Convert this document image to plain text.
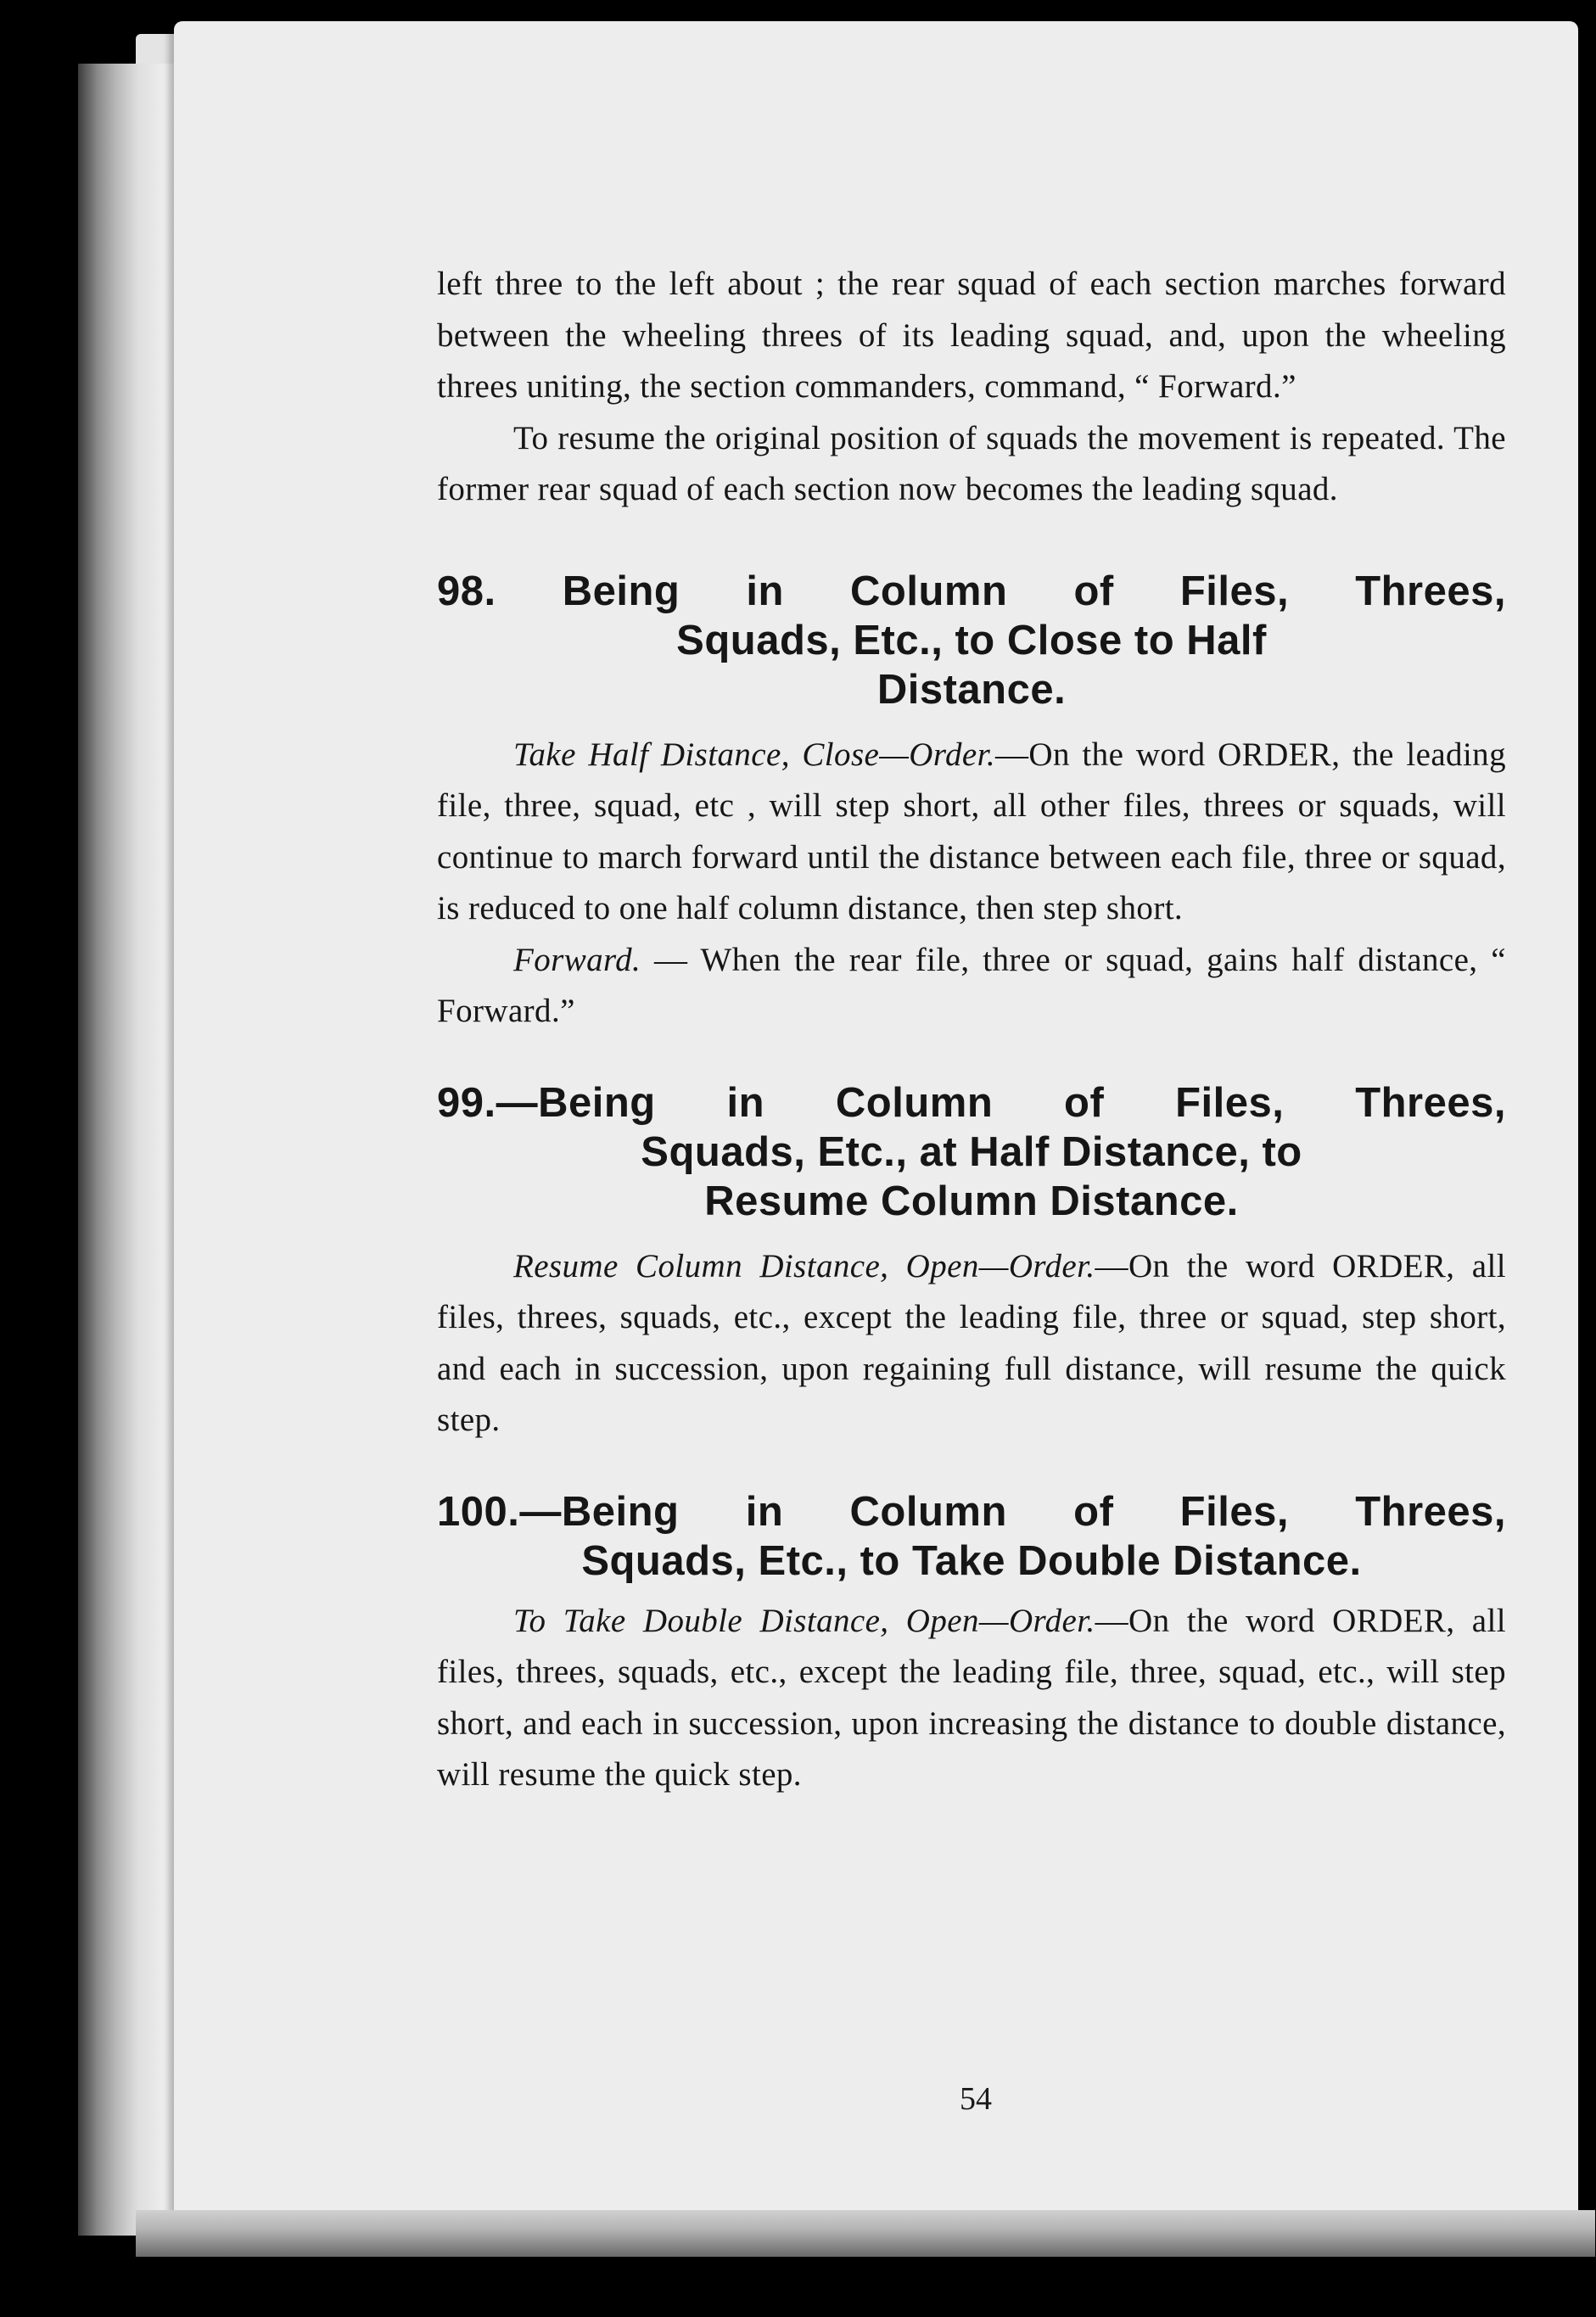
left three to the left about ; the rear squad of each section marches forward between the wheeling threes of its leading squad, and, upon the wheeling threes uniting, the section commanders, command, “ Forward.”

To resume the original position of squads the movement is repeated. The former rear squad of each section now becomes the leading squad.

98. Being in Column of Files, Threes,
Squads, Etc., to Close to Half
Distance.

Take Half Distance, Close—Order.—On the word ORDER, the leading file, three, squad, etc , will step short, all other files, threes or squads, will continue to march forward until the distance between each file, three or squad, is reduced to one half column distance, then step short.

Forward. — When the rear file, three or squad, gains half distance, “ Forward.”

99.—Being in Column of Files, Threes,
Squads, Etc., at Half Distance, to
Resume Column Distance.

Resume Column Distance, Open—Order.—On the word ORDER, all files, threes, squads, etc., except the leading file, three or squad, step short, and each in succession, upon regaining full distance, will resume the quick step.

100.—Being in Column of Files, Threes,
Squads, Etc., to Take Double Distance.

To Take Double Distance, Open—Order.—On the word ORDER, all files, threes, squads, etc., except the leading file, three, squad, etc., will step short, and each in succession, upon increasing the distance to double distance, will resume the quick step.

54
